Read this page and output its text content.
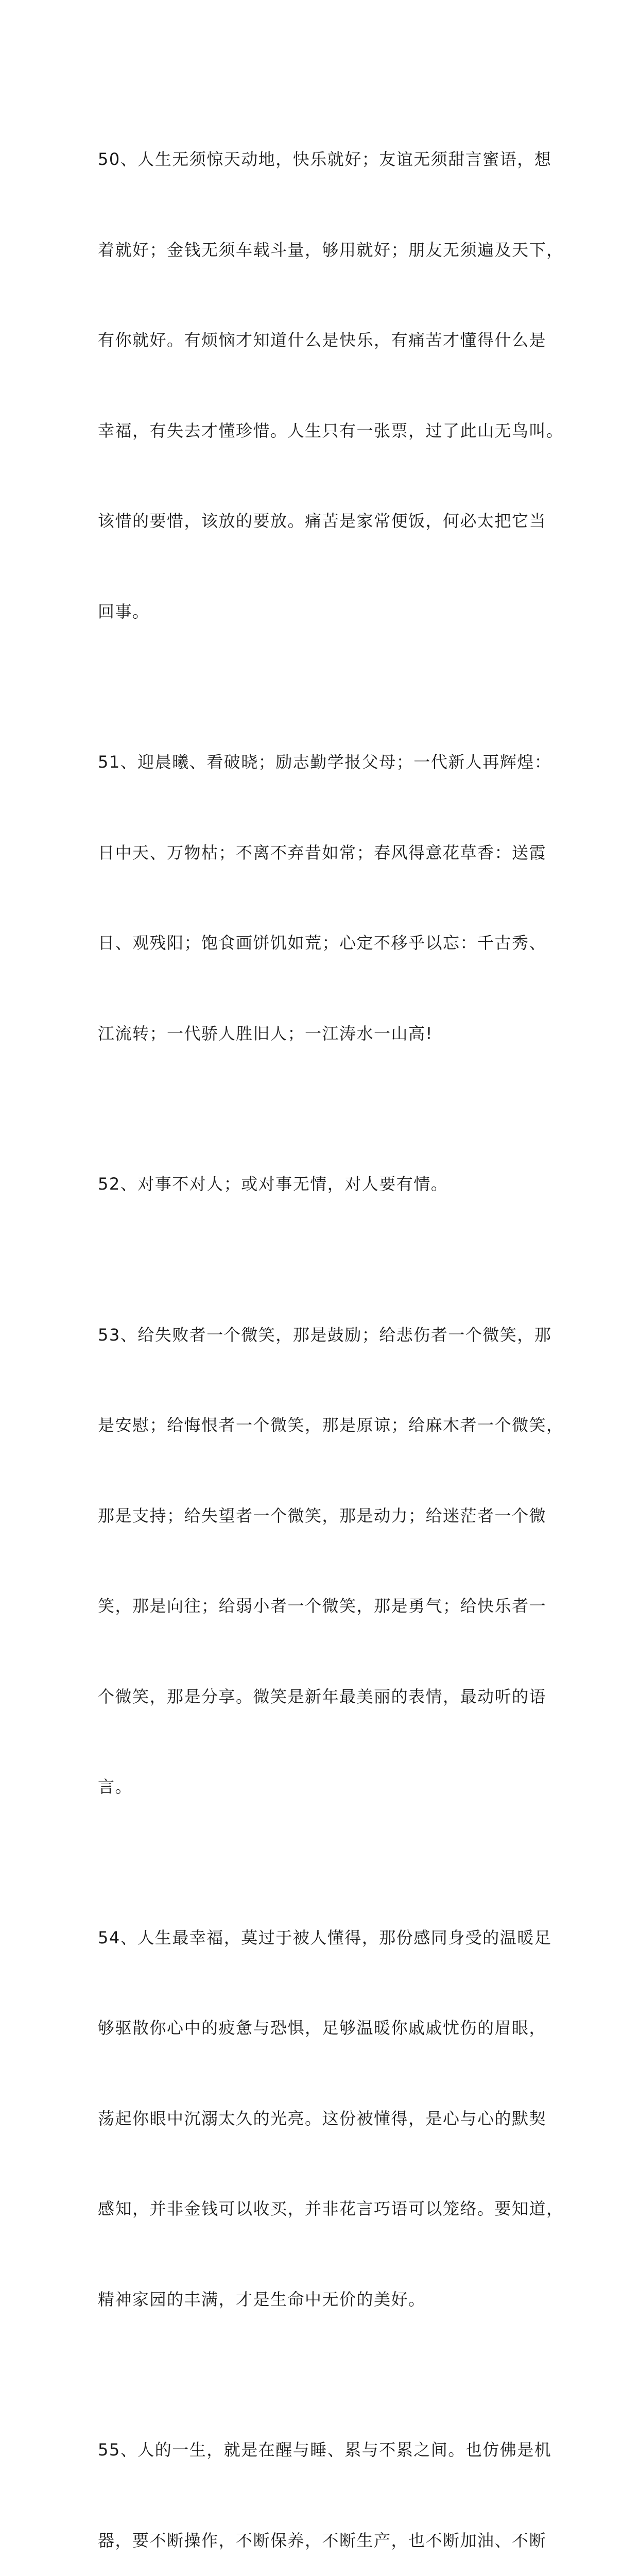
50、人生无须惊天动地，快乐就好；友谊无须甜言蜜语，想

着就好；金钱无须车载斗量，够用就好；朋友无须遍及天下，

有你就好。有烦恼才知道什么是快乐，有痛苦才懂得什么是

幸福，有失去才懂珍惜。人生只有一张票，过了此山无鸟叫。

该惜的要惜，该放的要放。痛苦是家常便饭，何必太把它当

回事。

51、迎晨曦、看破晓；励志勤学报父母；一代新人再辉煌：

日中天、万物枯；不离不弃昔如常；春风得意花草香：送霞

日、观残阳；饱食画饼饥如荒；心定不移乎以忘：千古秀、

江流转；一代骄人胜旧人；一江涛水一山高!

52、对事不对人；或对事无情，对人要有情。

53、给失败者一个微笑，那是鼓励；给悲伤者一个微笑，那

是安慰；给悔恨者一个微笑，那是原谅；给麻木者一个微笑，

那是支持；给失望者一个微笑，那是动力；给迷茫者一个微

笑，那是向往；给弱小者一个微笑，那是勇气；给快乐者一

个微笑，那是分享。微笑是新年最美丽的表情，最动听的语

言。

54、人生最幸福，莫过于被人懂得，那份感同身受的温暖足

够驱散你心中的疲惫与恐惧，足够温暖你戚戚忧伤的眉眼，

荡起你眼中沉溺太久的光亮。这份被懂得，是心与心的默契

感知，并非金钱可以收买，并非花言巧语可以笼络。要知道，

精神家园的丰满，才是生命中无价的美好。

55、人的一生，就是在醒与睡、累与不累之间。也仿佛是机

器，要不断操作，不断保养，不断生产，也不断加油、不断
